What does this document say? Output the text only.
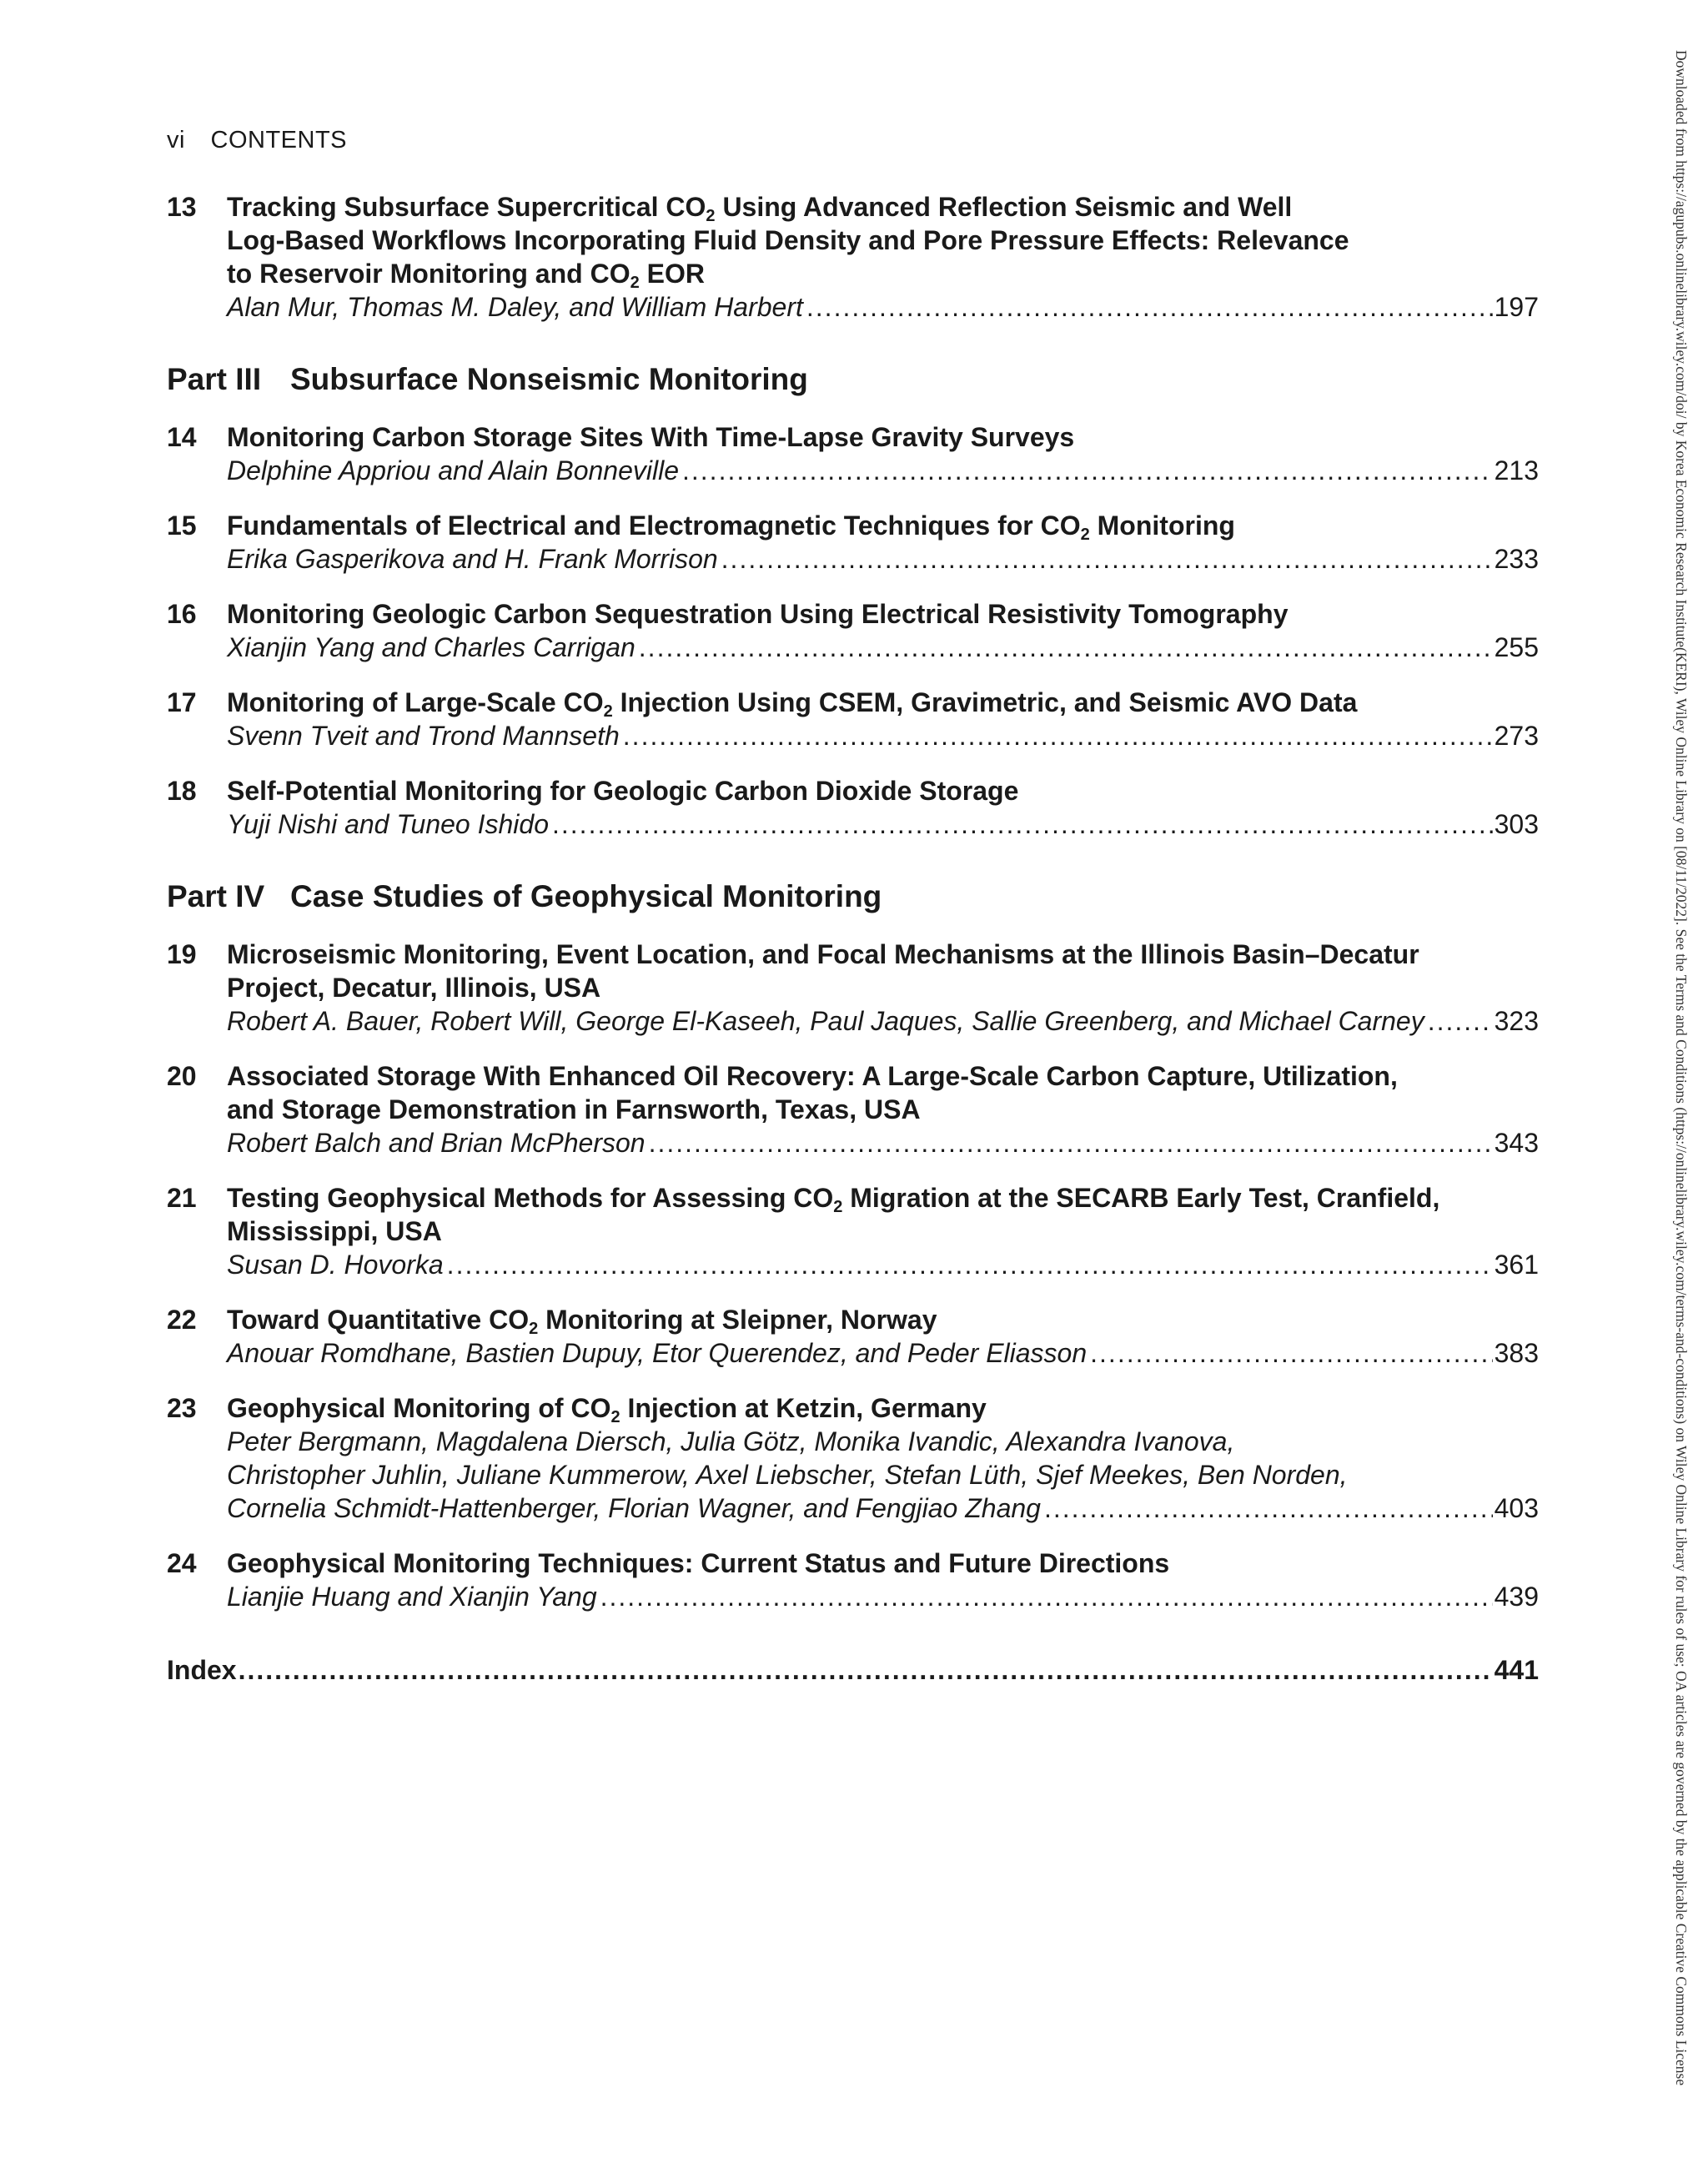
vi CONTENTS
13	Tracking Subsurface Supercritical $CO_2$ Using Advanced Reflection Seismic and Well
Log-Based Workflows Incorporating Fluid Density and Pore Pressure Effects: Relevance
to Reservoir Monitoring and $CO_2$ EOR
Alan Mur, Thomas M. Daley, and William Harbert .....	197
Part III Subsurface Nonseismic Monitoring
14	Monitoring Carbon Storage Sites With Time-Lapse Gravity Surveys
Delphine Appriou and Alain Bonneville .....	213
15	Fundamentals of Electrical and Electromagnetic Techniques for $CO_2$ Monitoring
Erika Gasperikova and H. Frank Morrison .....	233
16	Monitoring Geologic Carbon Sequestration Using Electrical Resistivity Tomography
Xianjin Yang and Charles Carrigan .....	255
17	Monitoring of Large-Scale $CO_2$ Injection Using CSEM, Gravimetric, and Seismic AVO Data
Svenn Tveit and Trond Mannseth .....	273
18	Self-Potential Monitoring for Geologic Carbon Dioxide Storage
Yuji Nishi and Tuneo Ishido .....	303
Part IV Case Studies of Geophysical Monitoring
19	Microseismic Monitoring, Event Location, and Focal Mechanisms at the Illinois Basin–Decatur
Project, Decatur, Illinois, USA
Robert A. Bauer, Robert Will, George El-Kaseeh, Paul Jaques, Sallie Greenberg, and Michael Carney .....	323
20	Associated Storage With Enhanced Oil Recovery: A Large-Scale Carbon Capture, Utilization,
and Storage Demonstration in Farnsworth, Texas, USA
Robert Balch and Brian McPherson .....	343
21	Testing Geophysical Methods for Assessing $CO_2$ Migration at the SECARB Early Test, Cranfield,
Mississippi, USA
Susan D. Hovorka .....	361
22	Toward Quantitative $CO_2$ Monitoring at Sleipner, Norway
Anouar Romdhane, Bastien Dupuy, Etor Querendez, and Peder Eliasson .....	383
23	Geophysical Monitoring of $CO_2$ Injection at Ketzin, Germany
Peter Bergmann, Magdalena Diersch, Julia Götz, Monika Ivandic, Alexandra Ivanova,
Christopher Juhlin, Juliane Kummerow, Axel Liebscher, Stefan Lüth, Sjef Meekes, Ben Norden,
Cornelia Schmidt-Hattenberger, Florian Wagner, and Fengjiao Zhang .....	403
24	Geophysical Monitoring Techniques: Current Status and Future Directions
Lianjie Huang and Xianjin Yang .....	439
Index .....	441	Downloaded from https://agupubs.onlinelibrary.wiley.com/doi/ by Korea Economic Research Institute(KERI), Wiley Online Library on [08/11/2022]. See the Terms and Conditions (https://onlinelibrary.wiley.com/terms-and-conditions) on Wiley Online Library for rules of use; OA articles are governed by the applicable Creative Commons License
